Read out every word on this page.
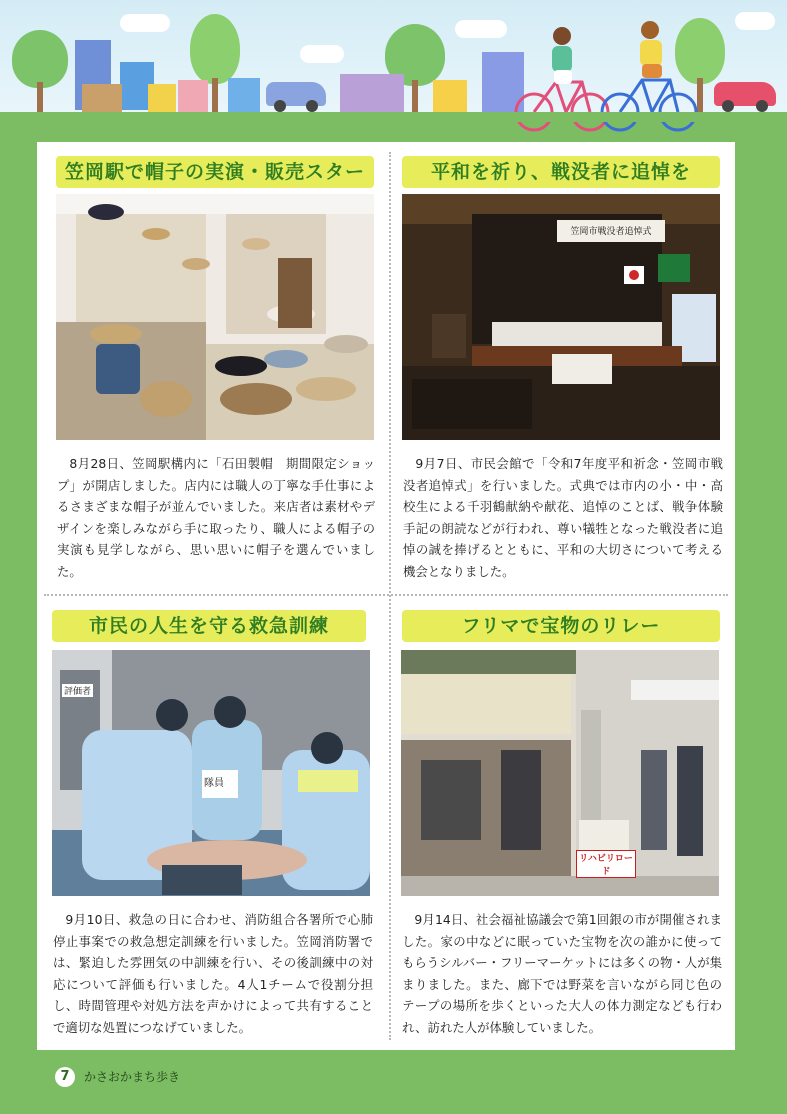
笠岡駅で帽子の実演・販売スター
8月28日、笠岡駅構内に「石田製帽　期間限定ショップ」が開店しました。店内には職人の丁寧な手仕事によるさまざまな帽子が並んでいました。来店者は素材やデザインを楽しみながら手に取ったり、職人による帽子の実演も見学しながら、思い思いに帽子を選んでいました。
平和を祈り、戦没者に追悼を
笠岡市戦没者追悼式
9月7日、市民会館で「令和7年度平和祈念・笠岡市戦没者追悼式」を行いました。式典では市内の小・中・高校生による千羽鶴献納や献花、追悼のことば、戦争体験手記の朗読などが行われ、尊い犠牲となった戦没者に追悼の誠を捧げるとともに、平和の大切さについて考える機会となりました。
市民の人生を守る救急訓練
評価者
隊員
9月10日、救急の日に合わせ、消防組合各署所で心肺停止事案での救急想定訓練を行いました。笠岡消防署では、緊迫した雰囲気の中訓練を行い、その後訓練中の対応について評価も行いました。4人1チームで役割分担し、時間管理や対処方法を声かけによって共有することで適切な処置につなげていました。
フリマで宝物のリレー
リハビリロード
9月14日、社会福祉協議会で第1回銀の市が開催されました。家の中などに眠っていた宝物を次の誰かに使ってもらうシルバー・フリーマーケットには多くの物・人が集まりました。また、廊下では野菜を言いながら同じ色のテープの場所を歩くといった大人の体力測定なども行われ、訪れた人が体験していました。
7	かさおかまち歩き
